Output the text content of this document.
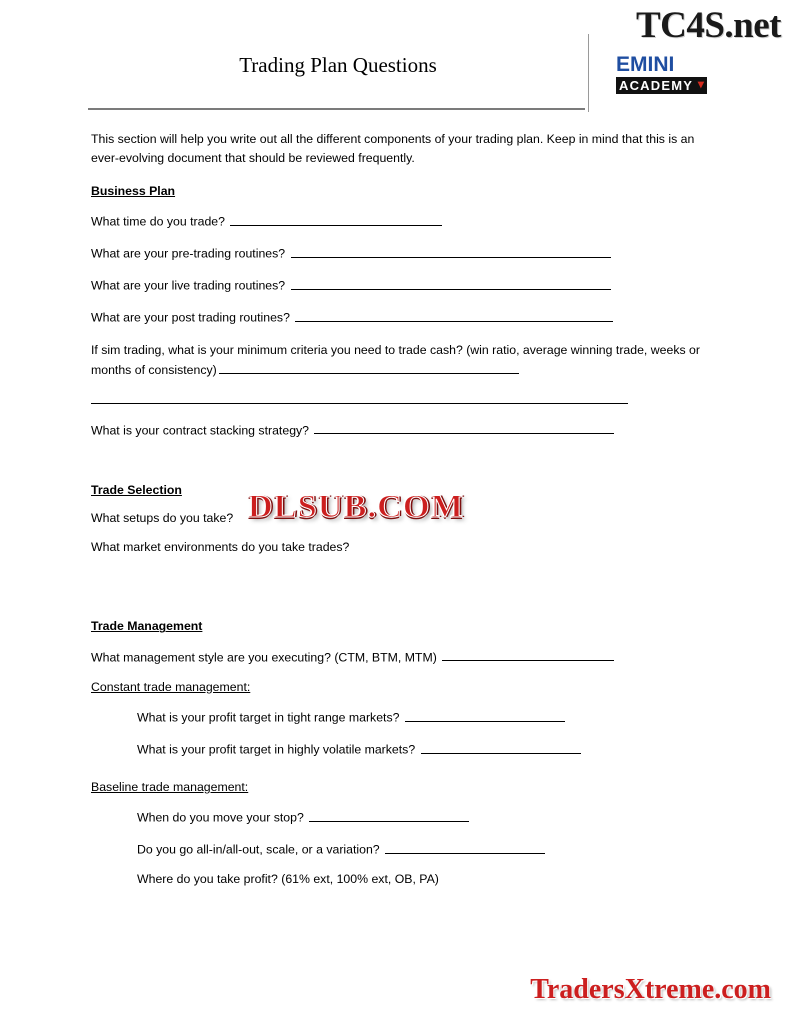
TC4S.net
Trading Plan Questions	EMINI
ACADEMY ▾
This section will help you write out all the different components of your trading plan. Keep in mind that this is an ever-evolving document that should be reviewed frequently.
Business Plan
What time do you trade?
What are your pre-trading routines?
What are your live trading routines?
What are your post trading routines?
If sim trading, what is your minimum criteria you need to trade cash? (win ratio, average winning trade, weeks or months of consistency)
What is your contract stacking strategy?
Trade Selection
What setups do you take?
What market environments do you take trades?
Trade Management
What management style are you executing? (CTM, BTM, MTM)
Constant trade management:
What is your profit target in tight range markets?
What is your profit target in highly volatile markets?
Baseline trade management:
When do you move your stop?
Do you go all-in/all-out, scale, or a variation?
Where do you take profit? (61% ext, 100% ext, OB, PA)
DLSUB.COM
TradersXtreme.com
